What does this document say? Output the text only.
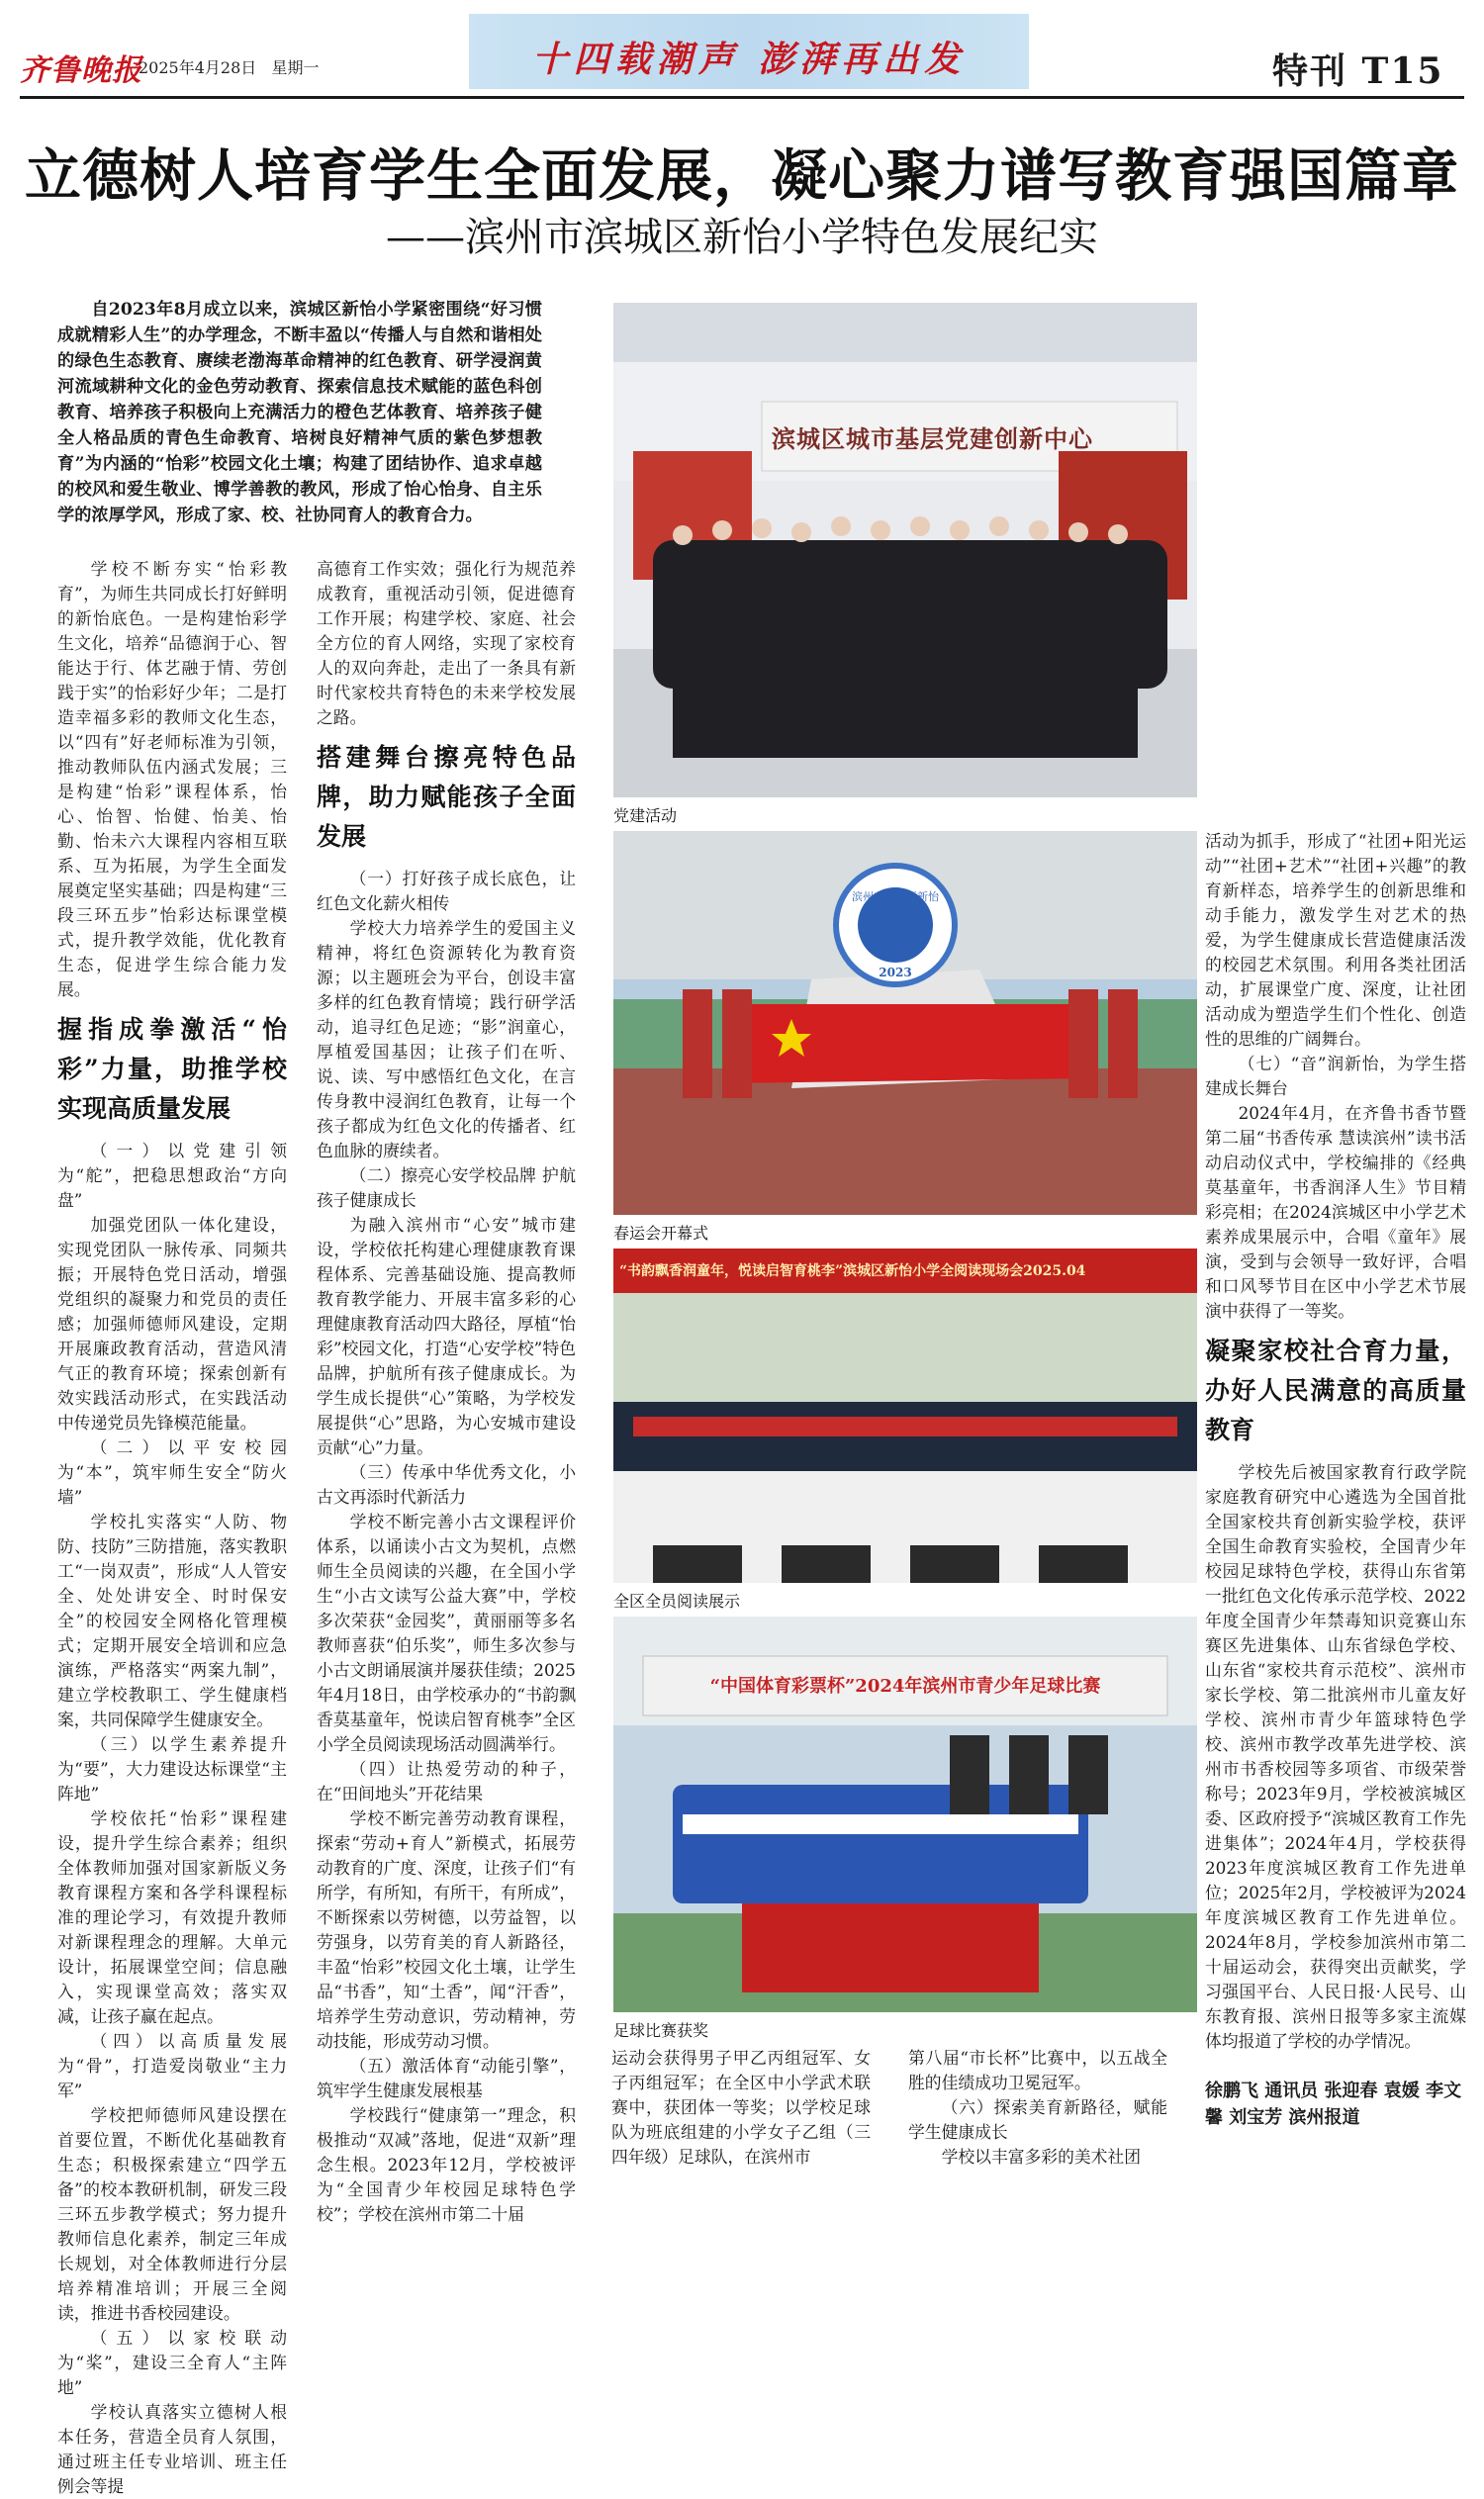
齐鲁晚报
2025年4月28日 星期一	十四载潮声 澎湃再出发	特刊 T15
立德树人培育学生全面发展，凝心聚力谱写教育强国篇章
——滨州市滨城区新怡小学特色发展纪实

自2023年8月成立以来，滨城区新怡小学紧密围绕“好习惯成就精彩人生”的办学理念，不断丰盈以“传播人与自然和谐相处的绿色生态教育、赓续老渤海革命精神的红色教育、研学浸润黄河流域耕种文化的金色劳动教育、探索信息技术赋能的蓝色科创教育、培养孩子积极向上充满活力的橙色艺体教育、培养孩子健全人格品质的青色生命教育、培树良好精神气质的紫色梦想教育”为内涵的“怡彩”校园文化土壤；构建了团结协作、追求卓越的校风和爱生敬业、博学善教的教风，形成了怡心怡身、自主乐学的浓厚学风，形成了家、校、社协同育人的教育合力。

学校不断夯实“怡彩教育”，为师生共同成长打好鲜明的新怡底色。一是构建怡彩学生文化，培养“品德润于心、智能达于行、体艺融于情、劳创践于实”的怡彩好少年；二是打造幸福多彩的教师文化生态，以“四有”好老师标准为引领，推动教师队伍内涵式发展；三是构建“怡彩”课程体系，怡心、怡智、怡健、怡美、怡勤、怡未六大课程内容相互联系、互为拓展，为学生全面发展奠定坚实基础；四是构建“三段三环五步”怡彩达标课堂模式，提升教学效能，优化教育生态，促进学生综合能力发展。

握指成拳激活“怡彩”力量，助推学校实现高质量发展

（一）以党建引领为“舵”，把稳思想政治“方向盘”

加强党团队一体化建设，实现党团队一脉传承、同频共振；开展特色党日活动，增强党组织的凝聚力和党员的责任感；加强师德师风建设，定期开展廉政教育活动，营造风清气正的教育环境；探索创新有效实践活动形式，在实践活动中传递党员先锋模范能量。

（二）以平安校园为“本”，筑牢师生安全“防火墙”

学校扎实落实“人防、物防、技防”三防措施，落实教职工“一岗双责”，形成“人人管安全、处处讲安全、时时保安全”的校园安全网格化管理模式；定期开展安全培训和应急演练，严格落实“两案九制”，建立学校教职工、学生健康档案，共同保障学生健康安全。

（三）以学生素养提升为“要”，大力建设达标课堂“主阵地”

学校依托“怡彩”课程建设，提升学生综合素养；组织全体教师加强对国家新版义务教育课程方案和各学科课程标准的理论学习，有效提升教师对新课程理念的理解。大单元设计，拓展课堂空间；信息融入，实现课堂高效；落实双减，让孩子赢在起点。

（四）以高质量发展为“骨”，打造爱岗敬业“主力军”

学校把师德师风建设摆在首要位置，不断优化基础教育生态；积极探索建立“四学五备”的校本教研机制，研发三段三环五步教学模式；努力提升教师信息化素养，制定三年成长规划，对全体教师进行分层培养精准培训；开展三全阅读，推进书香校园建设。

（五）以家校联动为“桨”，建设三全育人“主阵地”

学校认真落实立德树人根本任务，营造全员育人氛围，通过班主任专业培训、班主任例会等提

高德育工作实效；强化行为规范养成教育，重视活动引领，促进德育工作开展；构建学校、家庭、社会全方位的育人网络，实现了家校育人的双向奔赴，走出了一条具有新时代家校共育特色的未来学校发展之路。

搭建舞台擦亮特色品牌，助力赋能孩子全面发展

（一）打好孩子成长底色，让红色文化薪火相传

学校大力培养学生的爱国主义精神，将红色资源转化为教育资源；以主题班会为平台，创设丰富多样的红色教育情境；践行研学活动，追寻红色足迹；“影”润童心，厚植爱国基因；让孩子们在听、说、读、写中感悟红色文化，在言传身教中浸润红色教育，让每一个孩子都成为红色文化的传播者、红色血脉的赓续者。

（二）擦亮心安学校品牌 护航孩子健康成长

为融入滨州市“心安”城市建设，学校依托构建心理健康教育课程体系、完善基础设施、提高教师教育教学能力、开展丰富多彩的心理健康教育活动四大路径，厚植“怡彩”校园文化，打造“心安学校”特色品牌，护航所有孩子健康成长。为学生成长提供“心”策略，为学校发展提供“心”思路，为心安城市建设贡献“心”力量。

（三）传承中华优秀文化，小古文再添时代新活力

学校不断完善小古文课程评价体系，以诵读小古文为契机，点燃师生全员阅读的兴趣，在全国小学生“小古文读写公益大赛”中，学校多次荣获“金园奖”，黄丽丽等多名教师喜获“伯乐奖”，师生多次参与小古文朗诵展演并屡获佳绩；2025年4月18日，由学校承办的“书韵飘香莫基童年，悦读启智育桃李”全区小学全员阅读现场活动圆满举行。

（四）让热爱劳动的种子，在“田间地头”开花结果

学校不断完善劳动教育课程，探索“劳动+育人”新模式，拓展劳动教育的广度、深度，让孩子们“有所学，有所知，有所干，有所成”，不断探索以劳树德，以劳益智，以劳强身，以劳育美的育人新路径，丰盈“怡彩”校园文化土壤，让学生品“书香”，知“土香”，闻“汗香”，培养学生劳动意识，劳动精神，劳动技能，形成劳动习惯。

（五）激活体育“动能引擎”，筑牢学生健康发展根基

学校践行“健康第一”理念，积极推动“双减”落地，促进“双新”理念生根。2023年12月，学校被评为“全国青少年校园足球特色学校”；学校在滨州市第二十届

滨城区城市基层党建创新中心
党建活动
滨州市滨城区新怡小学
2023
春运会开幕式
“书韵飘香润童年，悦读启智育桃李”滨城区新怡小学全阅读现场会2025.04
全区全员阅读展示
“中国体育彩票杯”2024年滨州市青少年足球比赛
足球比赛获奖

运动会获得男子甲乙丙组冠军、女子丙组冠军；在全区中小学武术联赛中，获团体一等奖；以学校足球队为班底组建的小学女子乙组（三四年级）足球队，在滨州市

第八届“市长杯”比赛中，以五战全胜的佳绩成功卫冕冠军。

（六）探索美育新路径，赋能学生健康成长

学校以丰富多彩的美术社团

活动为抓手，形成了“社团+阳光运动”“社团+艺术”“社团+兴趣”的教育新样态，培养学生的创新思维和动手能力，激发学生对艺术的热爱，为学生健康成长营造健康活泼的校园艺术氛围。利用各类社团活动，扩展课堂广度、深度，让社团活动成为塑造学生们个性化、创造性的思维的广阔舞台。

（七）“音”润新怡，为学生搭建成长舞台

2024年4月，在齐鲁书香节暨第二届“书香传承 慧读滨州”读书活动启动仪式中，学校编排的《经典莫基童年，书香润泽人生》节目精彩亮相；在2024滨城区中小学艺术素养成果展示中，合唱《童年》展演，受到与会领导一致好评，合唱和口风琴节目在区中小学艺术节展演中获得了一等奖。

凝聚家校社合育力量，办好人民满意的高质量教育

学校先后被国家教育行政学院家庭教育研究中心遴选为全国首批全国家校共育创新实验学校，获评全国生命教育实验校，全国青少年校园足球特色学校，获得山东省第一批红色文化传承示范学校、2022年度全国青少年禁毒知识竞赛山东赛区先进集体、山东省绿色学校、山东省“家校共育示范校”、滨州市家长学校、第二批滨州市儿童友好学校、滨州市青少年篮球特色学校、滨州市教学改革先进学校、滨州市书香校园等多项省、市级荣誉称号；2023年9月，学校被滨城区委、区政府授予“滨城区教育工作先进集体”；2024年4月，学校获得2023年度滨城区教育工作先进单位；2025年2月，学校被评为2024年度滨城区教育工作先进单位。2024年8月，学校参加滨州市第二十届运动会，获得突出贡献奖，学习强国平台、人民日报·人民号、山东教育报、滨州日报等多家主流媒体均报道了学校的办学情况。

徐鹏飞 通讯员 张迎春 袁媛 李文馨 刘宝芳 滨州报道
